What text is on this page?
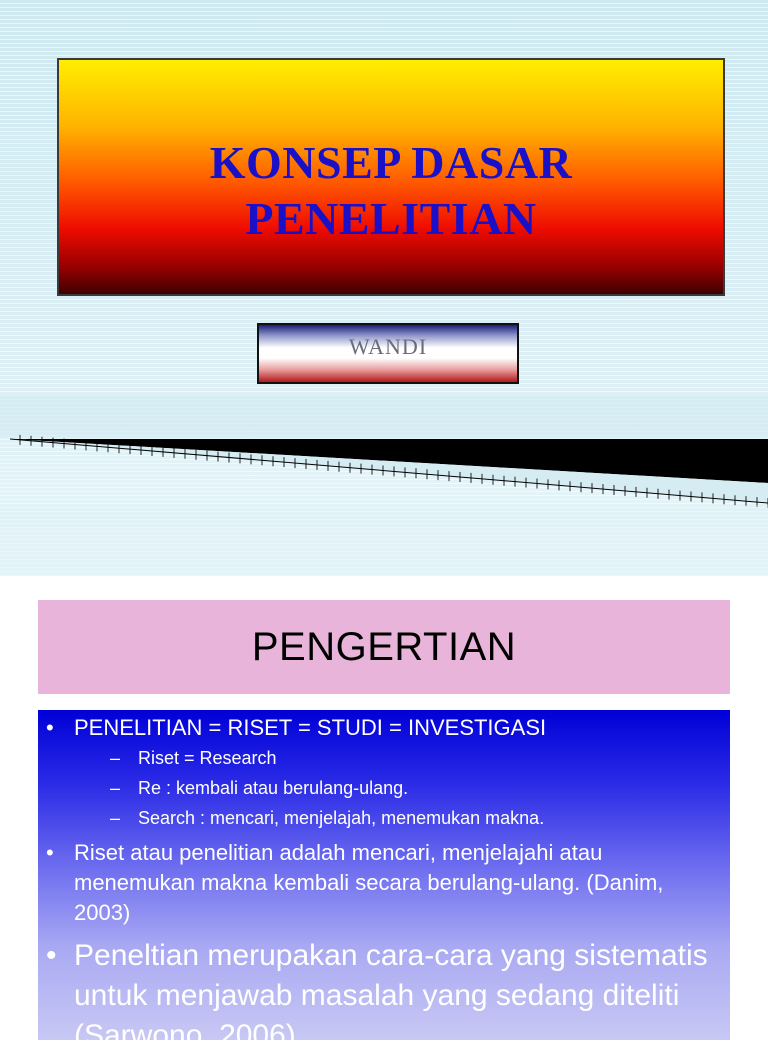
KONSEP DASAR
PENELITIAN
WANDI
PENGERTIAN
• PENELITIAN = RISET = STUDI = INVESTIGASI
– Riset = Research
– Re : kembali atau berulang-ulang.
– Search : mencari, menjelajah, menemukan makna.
• Riset atau penelitian adalah mencari, menjelajahi atau menemukan makna kembali secara berulang-ulang. (Danim, 2003)
• Peneltian merupakan cara-cara yang sistematis untuk menjawab masalah yang sedang diteliti (Sarwono, 2006)
